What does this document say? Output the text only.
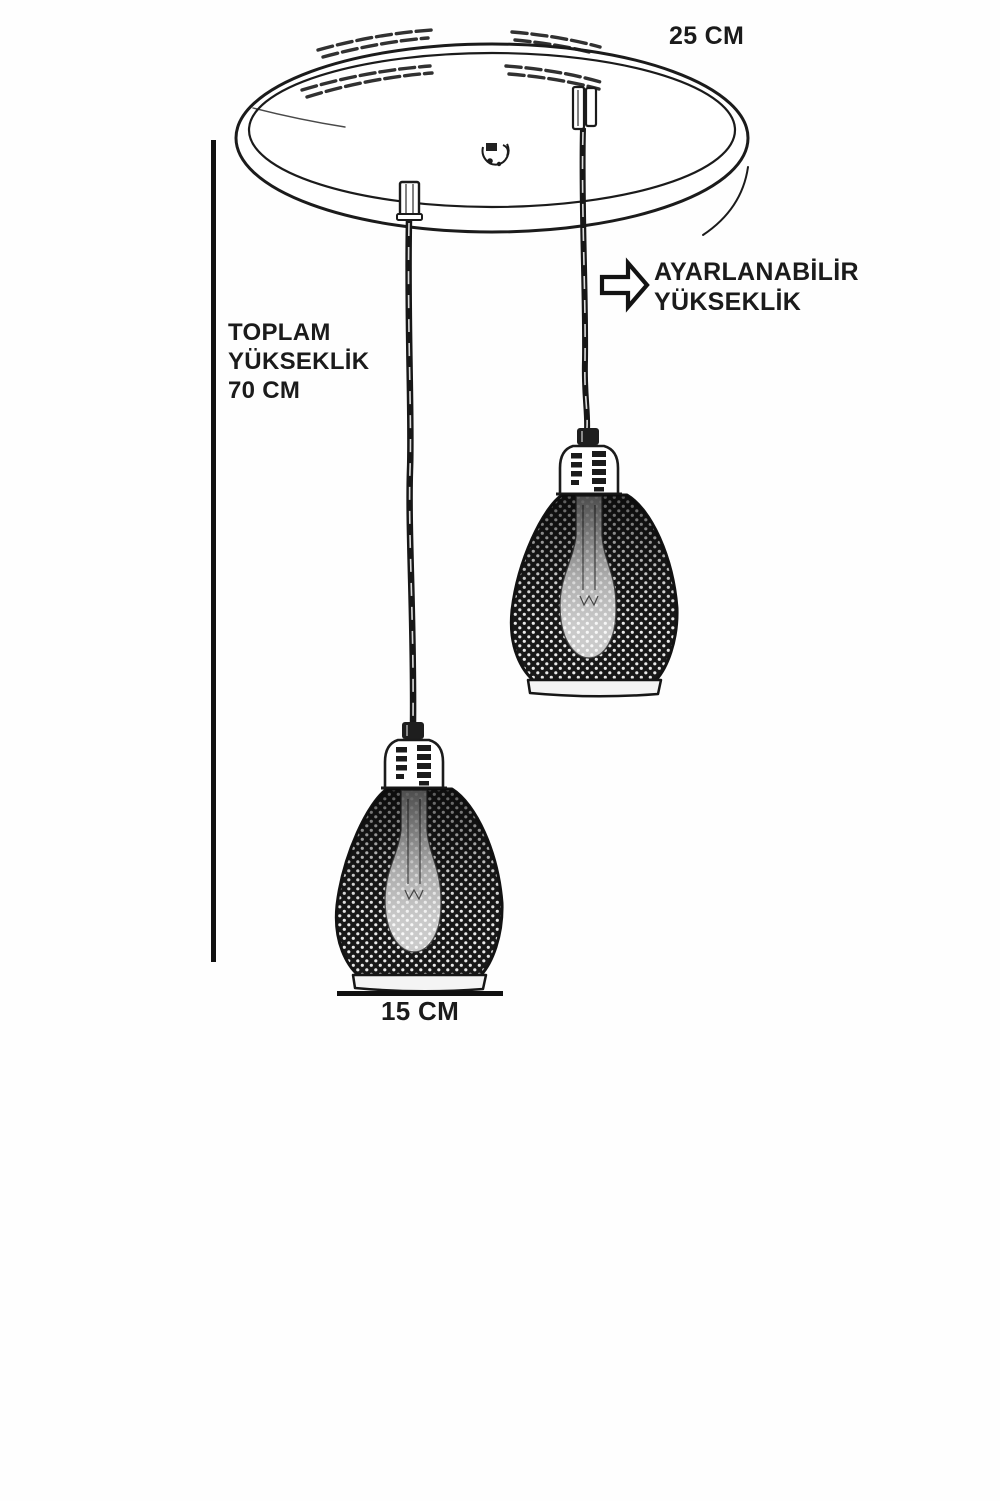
25 CM
TOPLAM
YÜKSEKLİK
70 CM
AYARLANABİLİR
YÜKSEKLİK
15 CM
